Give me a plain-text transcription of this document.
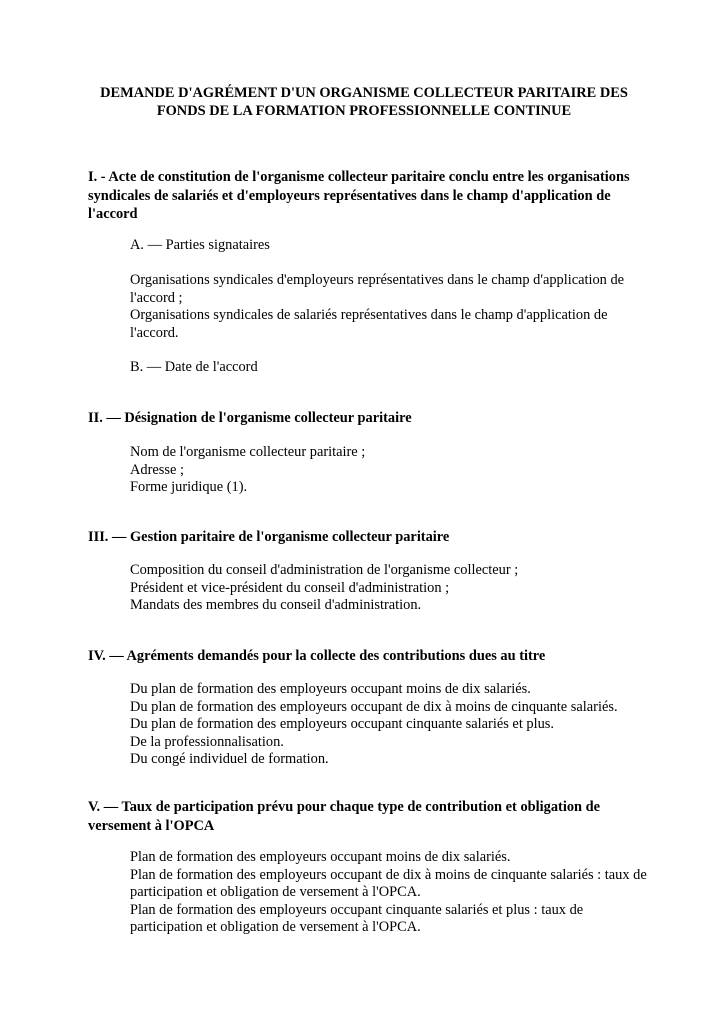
DEMANDE D'AGRÉMENT D'UN ORGANISME COLLECTEUR PARITAIRE DES
FONDS DE LA FORMATION PROFESSIONNELLE CONTINUE

I. - Acte de constitution de l'organisme collecteur paritaire conclu entre les organisations syndicales de salariés et d'employeurs représentatives dans le champ d'application de l'accord

A. — Parties signataires

Organisations syndicales d'employeurs représentatives dans le champ d'application de l'accord ;

Organisations syndicales de salariés représentatives dans le champ d'application de l'accord.

B. — Date de l'accord

II. — Désignation de l'organisme collecteur paritaire

Nom de l'organisme collecteur paritaire ;

Adresse ;

Forme juridique (1).

III. — Gestion paritaire de l'organisme collecteur paritaire

Composition du conseil d'administration de l'organisme collecteur ;

Président et vice-président du conseil d'administration ;

Mandats des membres du conseil d'administration.

IV. — Agréments demandés pour la collecte des contributions dues au titre

Du plan de formation des employeurs occupant moins de dix salariés.

Du plan de formation des employeurs occupant de dix à moins de cinquante salariés.

Du plan de formation des employeurs occupant cinquante salariés et plus.

De la professionnalisation.

Du congé individuel de formation.

V. — Taux de participation prévu pour chaque type de contribution et obligation de versement à l'OPCA

Plan de formation des employeurs occupant moins de dix salariés.

Plan de formation des employeurs occupant de dix à moins de cinquante salariés : taux de participation et obligation de versement à l'OPCA.

Plan de formation des employeurs occupant cinquante salariés et plus : taux de participation et obligation de versement à l'OPCA.
